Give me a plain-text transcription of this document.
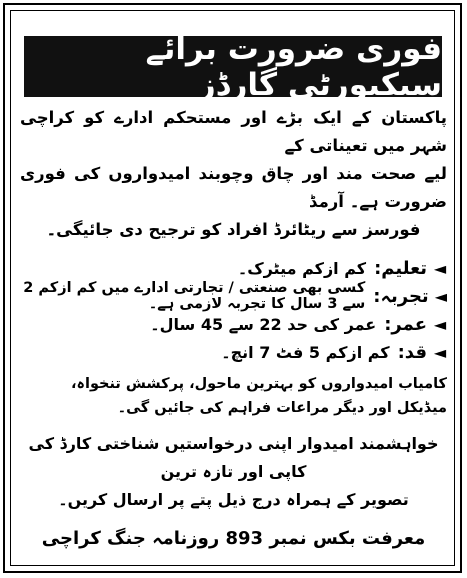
فوری ضرورت برائے سیکیورٹی گارڈز

پاکستان کے ایک بڑے اور مستحکم ادارے کو کراچی شہر میں تعیناتی کے

لیے صحت مند اور چاق وچوبند امیدواروں کی فوری ضرورت ہے۔ آرمڈ

فورسز سے ریٹائرڈ افراد کو ترجیح دی جائیگی۔

◄
تعلیم:
کم ازکم میٹرک۔
◄
تجربہ:
کسی بھی صنعتی / تجارتی ادارے میں کم ازکم 2 سے 3 سال کا تجربہ لازمی ہے۔
◄
عمر:
عمر کی حد 22 سے 45 سال۔
◄
قد:
کم ازکم 5 فٹ 7 انچ۔
کامیاب امیدواروں کو بہترین ماحول، پرکشش تنخواہ، میڈیکل اور دیگر مراعات فراہم کی جائیں گی۔

خواہشمند امیدوار اپنی درخواستیں شناختی کارڈ کی کاپی اور تازہ ترین

تصویر کے ہمراہ درج ذیل پتے پر ارسال کریں۔

معرفت بکس نمبر 893 روزنامہ جنگ کراچی
